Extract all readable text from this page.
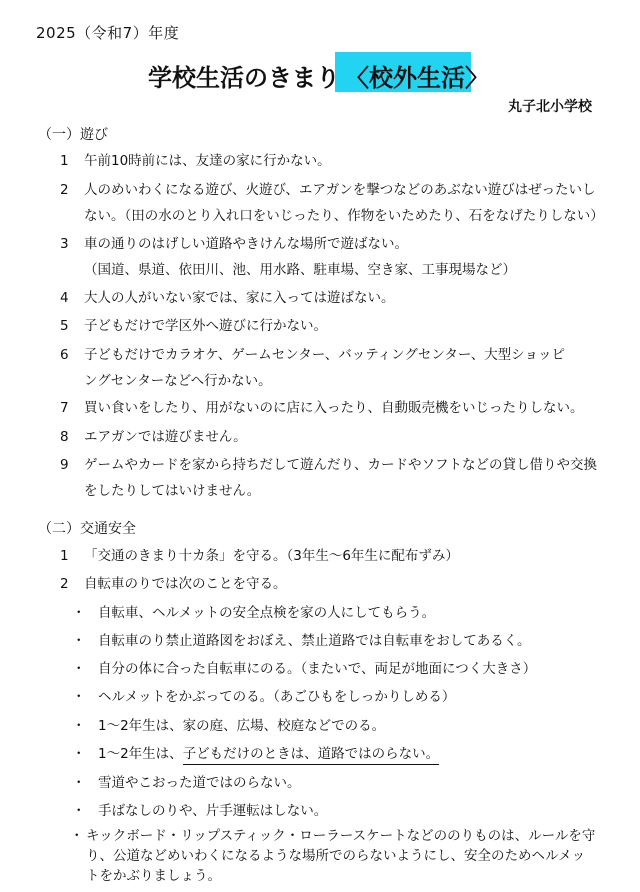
2025（令和7）年度
学校生活のきまり 〈校外生活〉
丸子北小学校
（一） 遊び
1	午前10時前には、友達の家に行かない。
2	人のめいわくになる遊び、火遊び、エアガンを撃つなどのあぶない遊びはぜったいし
ない。（田の水のとり入れ口をいじったり、作物をいためたり、石をなげたりしない）
3	車の通りのはげしい道路やきけんな場所で遊ばない。
（国道、県道、依田川、池、用水路、駐車場、空き家、工事現場など）
4	大人の人がいない家では、家に入っては遊ばない。
5	子どもだけで学区外へ遊びに行かない。
6	子どもだけでカラオケ、ゲームセンター、バッティングセンター、大型ショッピ
ングセンターなどへ行かない。
7	買い食いをしたり、用がないのに店に入ったり、自動販売機をいじったりしない。
8	エアガンでは遊びません。
9	ゲームやカードを家から持ちだして遊んだり、カードやソフトなどの貸し借りや交換
をしたりしてはいけません。
（二） 交通安全
1	「交通のきまり十カ条」を守る。（3年生～6年生に配布ずみ）
2	自転車のりでは次のことを守る。
・ 自転車、ヘルメットの安全点検を家の人にしてもらう。
・ 自転車のり禁止道路図をおぼえ、禁止道路では自転車をおしてあるく。
・ 自分の体に合った自転車にのる。（またいで、両足が地面につく大きさ）
・ ヘルメットをかぶってのる。（あごひもをしっかりしめる）
・ 1～2年生は、家の庭、広場、校庭などでのる。
・ 1～2年生は、子どもだけのときは、道路ではのらない。
・ 雪道やこおった道ではのらない。
・ 手ばなしのりや、片手運転はしない。
・ キックボード・リップスティック・ローラースケートなどののりものは、ルールを守
り、公道などめいわくになるような場所でのらないようにし、安全のためヘルメッ
トをかぶりましょう。
